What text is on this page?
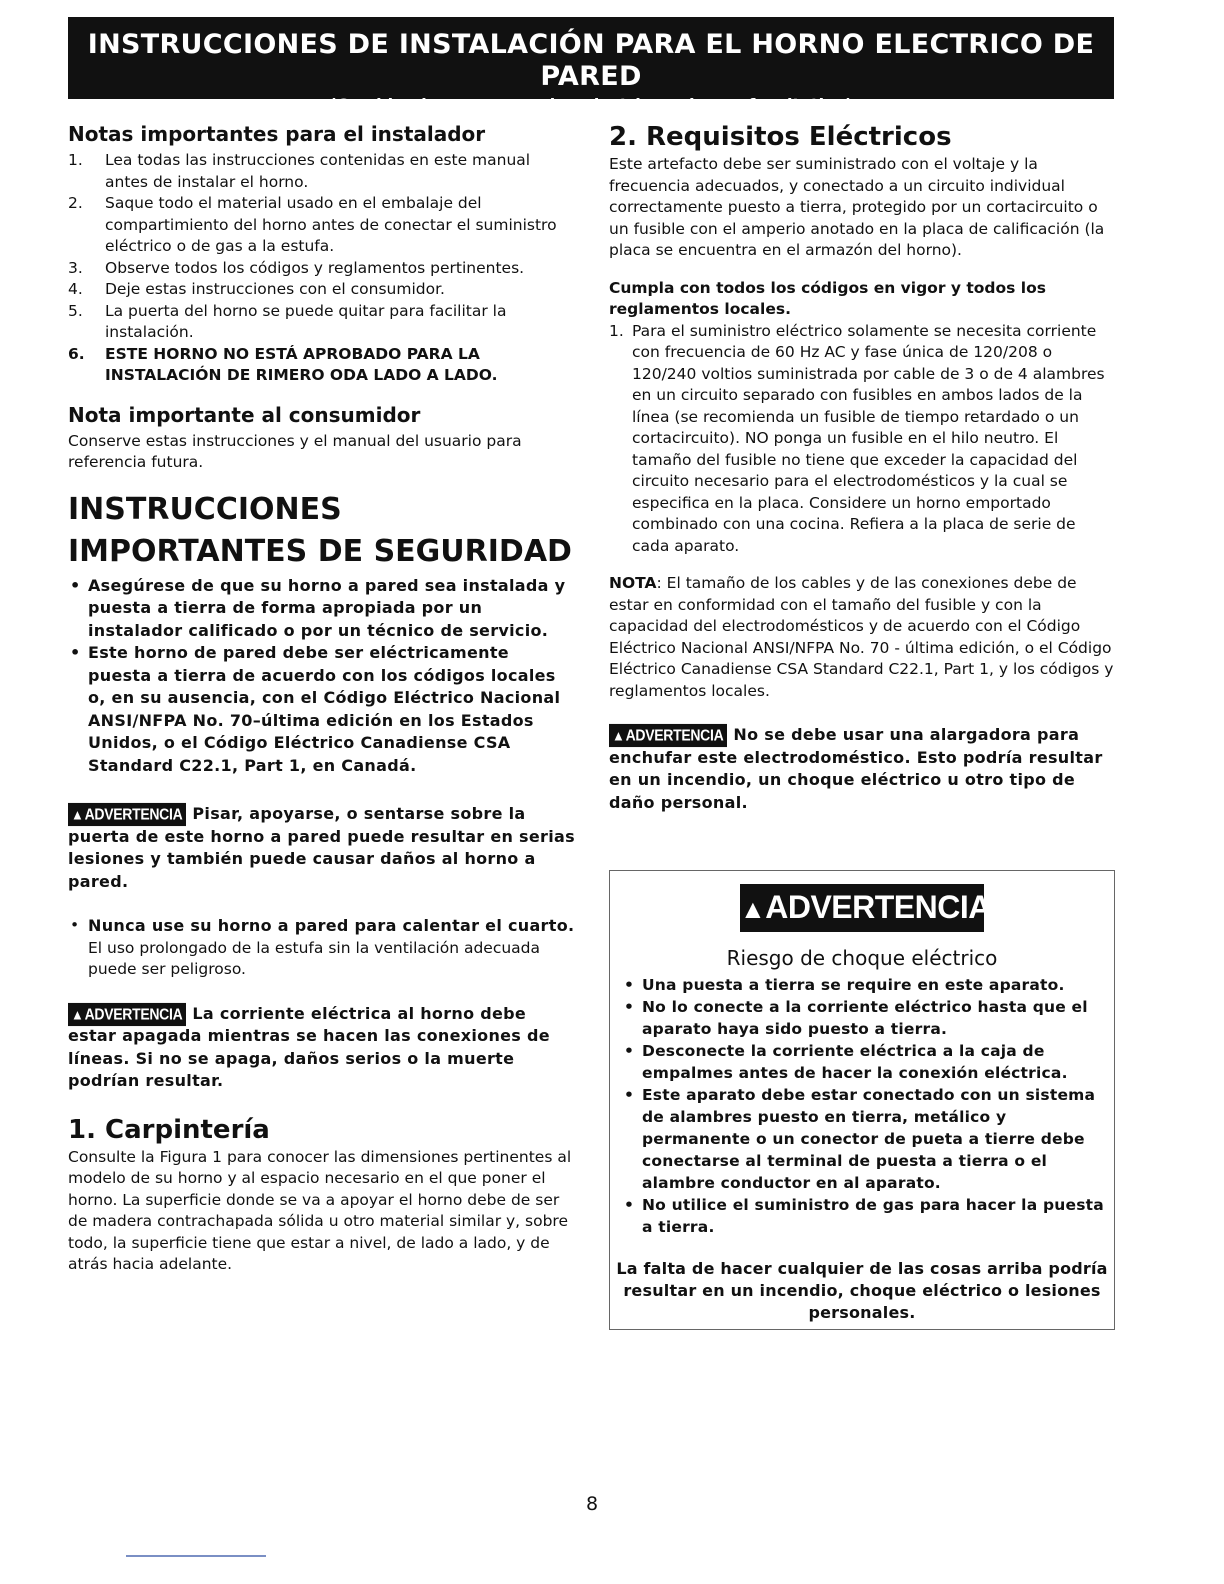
INSTRUCCIONES DE INSTALACIÓN PARA EL HORNO ELECTRICO DE PARED
(Combinado con una cocina electrica o de gas facultativa)
Notas importantes para el instalador
1. Lea todas las instrucciones contenidas en este manual antes de instalar el horno.
2. Saque todo el material usado en el embalaje del compartimiento del horno antes de conectar el suministro eléctrico o de gas a la estufa.
3. Observe todos los códigos y reglamentos pertinentes.
4. Deje estas instrucciones con el consumidor.
5. La puerta del horno se puede quitar para facilitar la instalación.
6. ESTE HORNO NO ESTÁ APROBADO PARA LA INSTALACIÓN DE RIMERO ODA LADO A LADO.
Nota importante al consumidor

Conserve estas instrucciones y el manual del usuario para referencia futura.

INSTRUCCIONES
IMPORTANTES DE SEGURIDAD
• Asegúrese de que su horno a pared sea instalada y puesta a tierra de forma apropiada por un instalador calificado o por un técnico de servicio.
• Este horno de pared debe ser eléctricamente puesta a tierra de acuerdo con los códigos locales o, en su ausencia, con el Código Eléctrico Nacional ANSI/NFPA No. 70–última edición en los Estados Unidos, o el Código Eléctrico Canadiense CSA Standard C22.1, Part 1, en Canadá.

▲ADVERTENCIA Pisar, apoyarse, o sentarse sobre la puerta de este horno a pared puede resultar en serias lesiones y también puede causar daños al horno a pared.

• Nunca use su horno a pared para calentar el cuarto. El uso prolongado de la estufa sin la ventilación adecuada puede ser peligroso.

▲ADVERTENCIA La corriente eléctrica al horno debe estar apagada mientras se hacen las conexiones de líneas. Si no se apaga, daños serios o la muerte podrían resultar.

1. Carpintería

Consulte la Figura 1 para conocer las dimensiones pertinentes al modelo de su horno y al espacio necesario en el que poner el horno. La superficie donde se va a apoyar el horno debe de ser de madera contrachapada sólida u otro material similar y, sobre todo, la superficie tiene que estar a nivel, de lado a lado, y de atrás hacia adelante.

2. Requisitos Eléctricos

Este artefacto debe ser suministrado con el voltaje y la frecuencia adecuados, y conectado a un circuito individual correctamente puesto a tierra, protegido por un cortacircuito o un fusible con el amperio anotado en la placa de calificación (la placa se encuentra en el armazón del horno).

Cumpla con todos los códigos en vigor y todos los reglamentos locales.

1. Para el suministro eléctrico solamente se necesita corriente con frecuencia de 60 Hz AC y fase única de 120/208 o 120/240 voltios suministrada por cable de 3 o de 4 alambres en un circuito separado con fusibles en ambos lados de la línea (se recomienda un fusible de tiempo retardado o un cortacircuito). NO ponga un fusible en el hilo neutro. El tamaño del fusible no tiene que exceder la capacidad del circuito necesario para el electrodomésticos y la cual se especifica en la placa. Considere un horno emportado combinado con una cocina. Refiera a la placa de serie de cada aparato.

NOTA: El tamaño de los cables y de las conexiones debe de estar en conformidad con el tamaño del fusible y con la capacidad del electrodomésticos y de acuerdo con el Código Eléctrico Nacional ANSI/NFPA No. 70 - última edición, o el Código Eléctrico Canadiense CSA Standard C22.1, Part 1, y los códigos y reglamentos locales.

▲ADVERTENCIA No se debe usar una alargadora para enchufar este electrodoméstico. Esto podría resultar en un incendio, un choque eléctrico u otro tipo de daño personal.

▲ADVERTENCIA
Riesgo de choque eléctrico
• Una puesta a tierra se require en este aparato.
• No lo conecte a la corriente eléctrico hasta que el aparato haya sido puesto a tierra.
• Desconecte la corriente eléctrica a la caja de empalmes antes de hacer la conexión eléctrica.
• Este aparato debe estar conectado con un sistema de alambres puesto en tierra, metálico y permanente o un conector de pueta a tierre debe conectarse al terminal de puesta a tierra o el alambre conductor en al aparato.
• No utilice el suministro de gas para hacer la puesta a tierra.

La falta de hacer cualquier de las cosas arriba podría resultar en un incendio, choque eléctrico o lesiones personales.

8
